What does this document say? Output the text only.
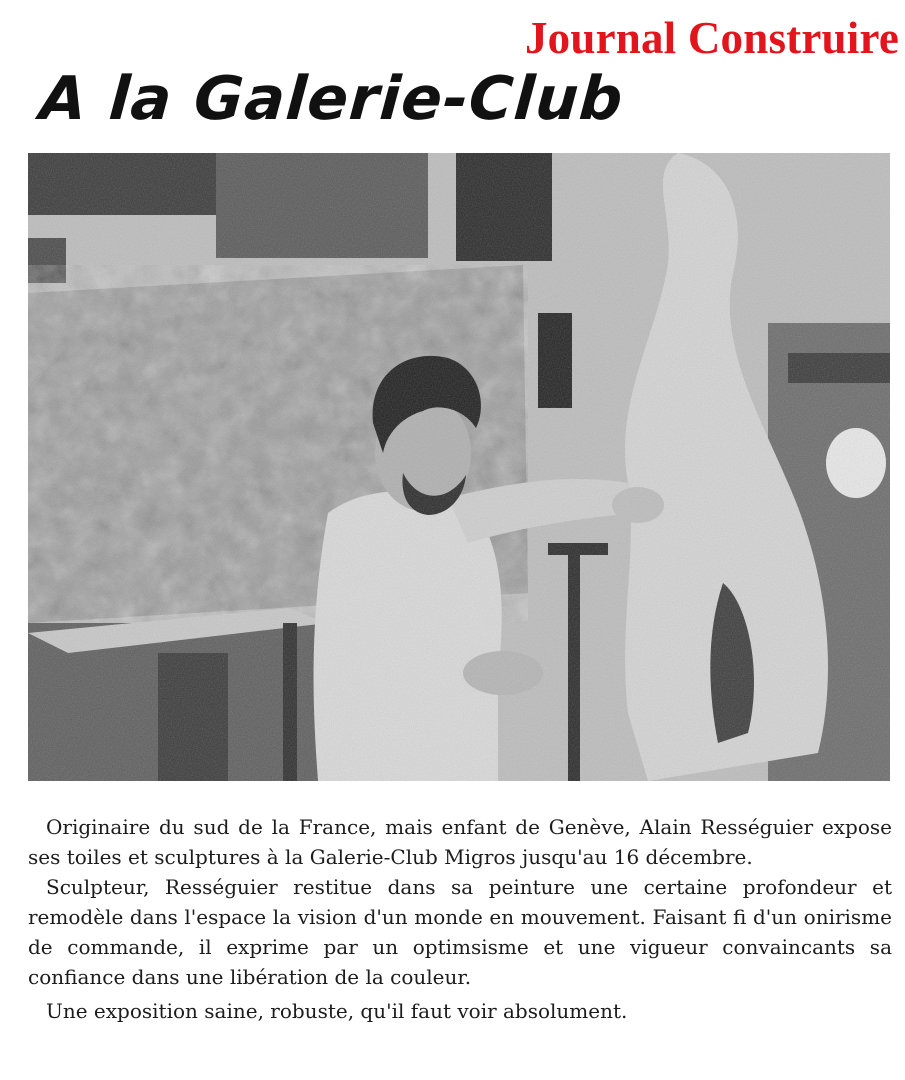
Journal Construire
A la Galerie-Club

Originaire du sud de la France, mais enfant de Genève, Alain Rességuier expose ses toiles et sculptures à la Galerie-Club Migros jusqu'au 16 décembre.

Sculpteur, Rességuier restitue dans sa peinture une certaine profondeur et remodèle dans l'espace la vision d'un monde en mouvement. Faisant fi d'un onirisme de commande, il exprime par un optimsisme et une vigueur convaincants sa confiance dans une libération de la couleur.

Une exposition saine, robuste, qu'il faut voir absolument.
